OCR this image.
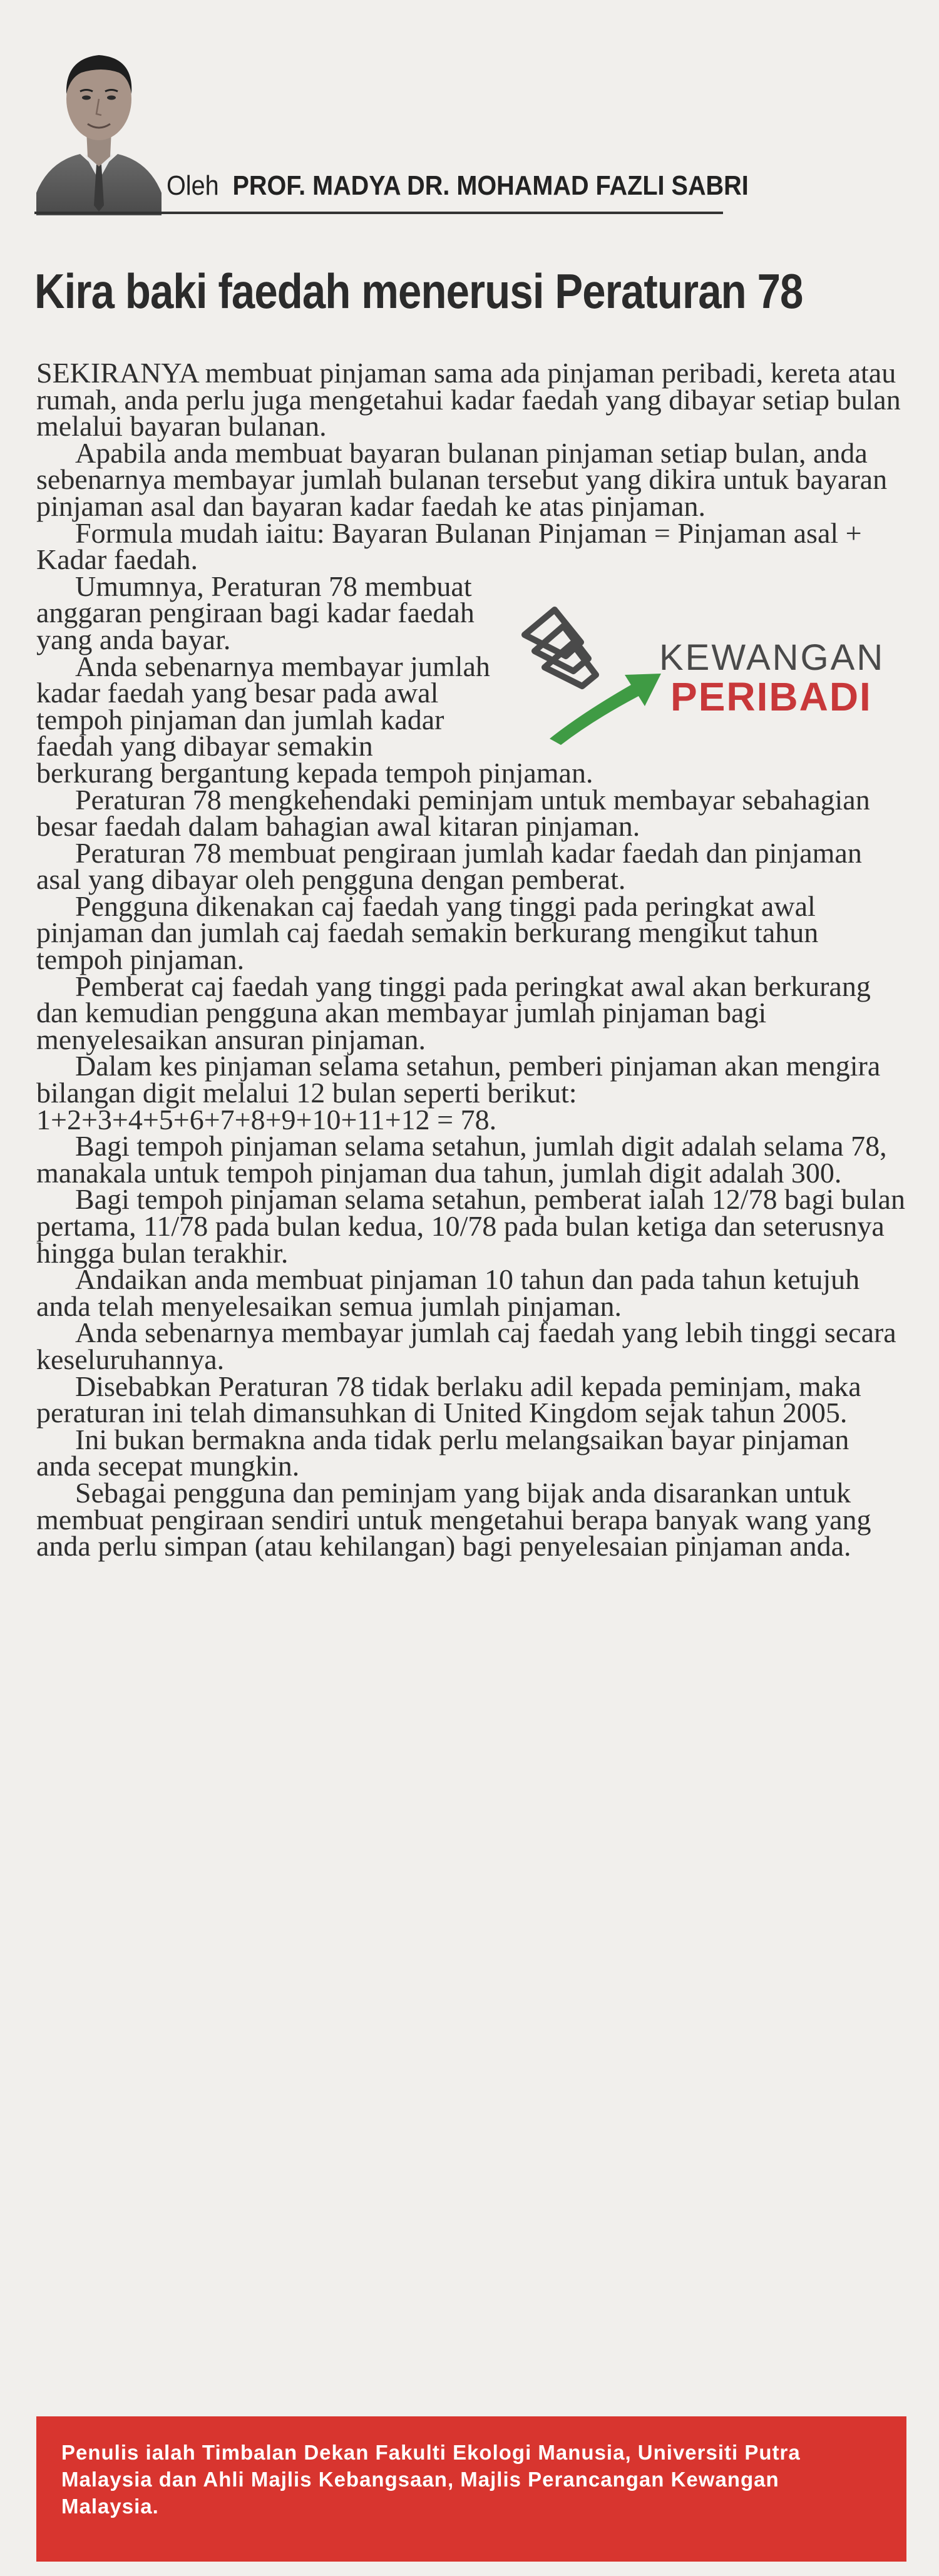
Oleh PROF. MADYA DR. MOHAMAD FAZLI SABRI
Kira baki faedah menerusi Peraturan 78

SEKIRANYA membuat pinjaman sama ada pinjaman peribadi, kereta atau rumah, anda perlu juga mengetahui kadar faedah yang dibayar setiap bulan melalui bayaran bulanan.

Apabila anda membuat bayaran bulanan pinjaman setiap bulan, anda sebenarnya membayar jumlah bulanan tersebut yang dikira untuk bayaran pinjaman asal dan bayaran kadar faedah ke atas pinjaman.

Formula mudah iaitu: Bayaran Bulanan Pinjaman = Pinjaman asal + Kadar faedah.

KEWANGAN
PERIBADI

Umumnya, Peraturan 78 membuat anggaran pengiraan bagi kadar faedah yang anda bayar.

Anda sebenarnya membayar jumlah kadar faedah yang besar pada awal tempoh pinjaman dan jumlah kadar faedah yang dibayar semakin berkurang bergantung kepada tempoh pinjaman.

Peraturan 78 mengkehendaki peminjam untuk membayar sebahagian besar faedah dalam bahagian awal kitaran pinjaman.

Peraturan 78 membuat pengiraan jumlah kadar faedah dan pinjaman asal yang dibayar oleh pengguna dengan pemberat.

Pengguna dikenakan caj faedah yang tinggi pada peringkat awal pinjaman dan jumlah caj faedah semakin berkurang mengikut tahun tempoh pinjaman.

Pemberat caj faedah yang tinggi pada peringkat awal akan berkurang dan kemudian pengguna akan membayar jumlah pinjaman bagi menyelesaikan ansuran pinjaman.

Dalam kes pinjaman selama setahun, pemberi pinjaman akan mengira bilangan digit melalui 12 bulan seperti berikut: 1+2+3+4+5+6+7+8+9+10+11+12 = 78.

Bagi tempoh pinjaman selama setahun, jumlah digit adalah selama 78, manakala untuk tempoh pinjaman dua tahun, jumlah digit adalah 300.

Bagi tempoh pinjaman selama setahun, pemberat ialah 12/78 bagi bulan pertama, 11/78 pada bulan kedua, 10/78 pada bulan ketiga dan seterusnya hingga bulan terakhir.

Andaikan anda membuat pinjaman 10 tahun dan pada tahun ketujuh anda telah menyelesaikan semua jumlah pinjaman.

Anda sebenarnya membayar jumlah caj faedah yang lebih tinggi secara keseluruhannya.

Disebabkan Peraturan 78 tidak berlaku adil kepada peminjam, maka peraturan ini telah dimansuhkan di United Kingdom sejak tahun 2005.

Ini bukan bermakna anda tidak perlu melangsaikan bayar pinjaman anda secepat mungkin.

Sebagai pengguna dan peminjam yang bijak anda disarankan untuk membuat pengiraan sendiri untuk mengetahui berapa banyak wang yang anda perlu simpan (atau kehilangan) bagi penyelesaian pinjaman anda.

Penulis ialah Timbalan Dekan Fakulti Ekologi Manusia, Universiti Putra Malaysia dan Ahli Majlis Kebangsaan, Majlis Perancangan Kewangan Malaysia.
